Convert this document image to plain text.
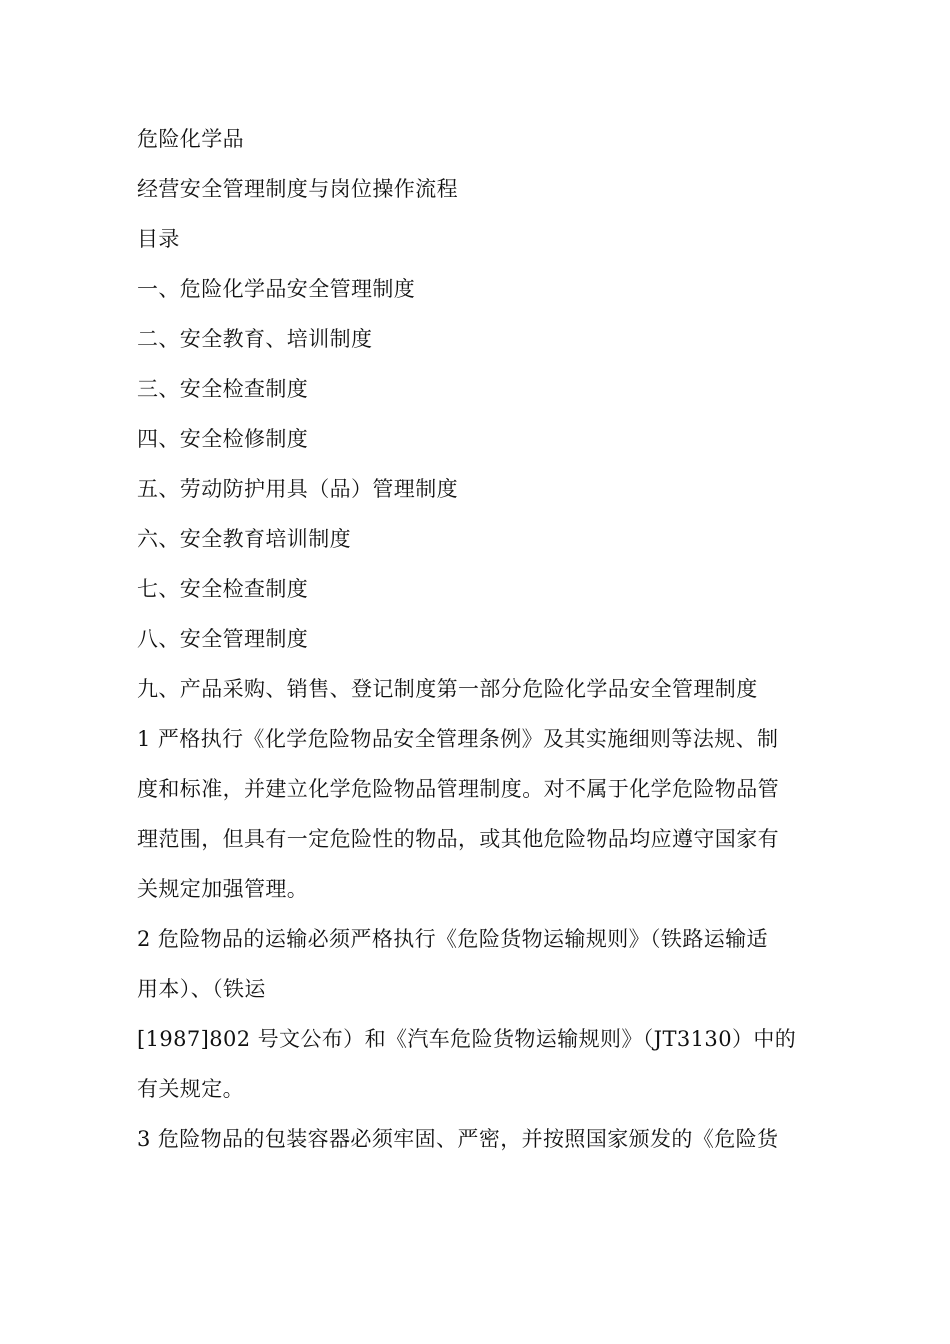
危险化学品
经营安全管理制度与岗位操作流程
目录
一、危险化学品安全管理制度
二、安全教育、培训制度
三、安全检查制度
四、安全检修制度
五、劳动防护用具（品）管理制度
六、安全教育培训制度
七、安全检查制度
八、安全管理制度
九、产品采购、销售、登记制度第一部分危险化学品安全管理制度
1 严格执行《化学危险物品安全管理条例》及其实施细则等法规、制
度和标准，并建立化学危险物品管理制度。对不属于化学危险物品管
理范围，但具有一定危险性的物品，或其他危险物品均应遵守国家有
关规定加强管理。
2 危险物品的运输必须严格执行《危险货物运输规则》（铁路运输适
用本）、（铁运
[1987]802 号文公布）和《汽车危险货物运输规则》（JT3130）中的
有关规定。
3 危险物品的包装容器必须牢固、严密，并按照国家颁发的《危险货
